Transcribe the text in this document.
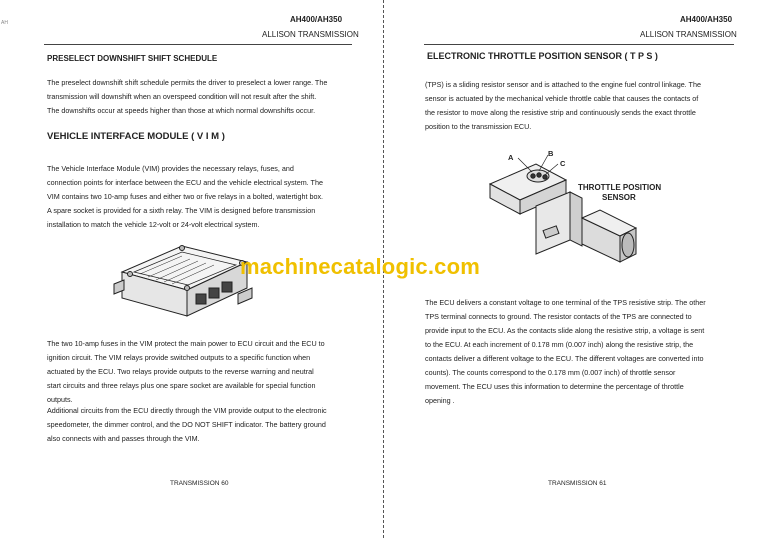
AH	AH400/AH350
ALLISON TRANSMISSION
PRESELECT DOWNSHIFT SHIFT SCHEDULE

The preselect downshift shift schedule permits the driver to preselect a lower range. The

transmission will downshift when an overspeed condition will not result after the shift.

The downshifts occur at speeds higher than those at which normal downshifts occur.

VEHICLE INTERFACE MODULE ( V I M )

The Vehicle Interface Module (VIM) provides the necessary relays, fuses, and

connection points for interface between the ECU and the vehicle electrical system. The

VIM contains two 10-amp fuses and either two or five relays in a bolted, watertight box.

A spare socket is provided for a sixth relay. The VIM is designed before transmission

installation to match the vehicle 12-volt or 24-volt electrical system.

The two 10-amp fuses in the VIM protect the main power to ECU circuit and the ECU to

ignition circuit. The VIM relays provide switched outputs to a specific function when

actuated by the ECU. Two relays provide outputs to the reverse warning and neutral

start circuits and three relays plus one spare socket are available for special function

outputs.

Additional circuits from the ECU directly through the VIM provide output to the electronic

speedometer, the dimmer control, and the DO NOT SHIFT indicator. The battery ground

also connects with and passes through the VIM.

TRANSMISSION 60
AH400/AH350
ALLISON TRANSMISSION
ELECTRONIC THROTTLE POSITION SENSOR ( T P S )

(TPS) is a sliding resistor sensor and is attached to the engine fuel control linkage. The

sensor is actuated by the mechanical vehicle throttle cable that causes the contacts of

the resistor to move along the resistive strip and continuously sends the exact throttle

position to the transmission ECU.

A	B
C
THROTTLE POSITION
SENSOR

The ECU delivers a constant voltage to one terminal of the TPS resistive strip. The other

TPS terminal connects to ground. The resistor contacts of the TPS are connected to

provide input to the ECU. As the contacts slide along the resistive strip, a voltage is sent

to the ECU. At each increment of 0.178 mm (0.007 inch) along the resistive strip, the

contacts deliver a different voltage to the ECU. The different voltages are converted into

counts). The counts correspond to the 0.178 mm (0.007 inch) of throttle sensor

movement. The ECU uses this information to determine the percentage of throttle

opening .

TRANSMISSION 61
machinecatalogic.com
